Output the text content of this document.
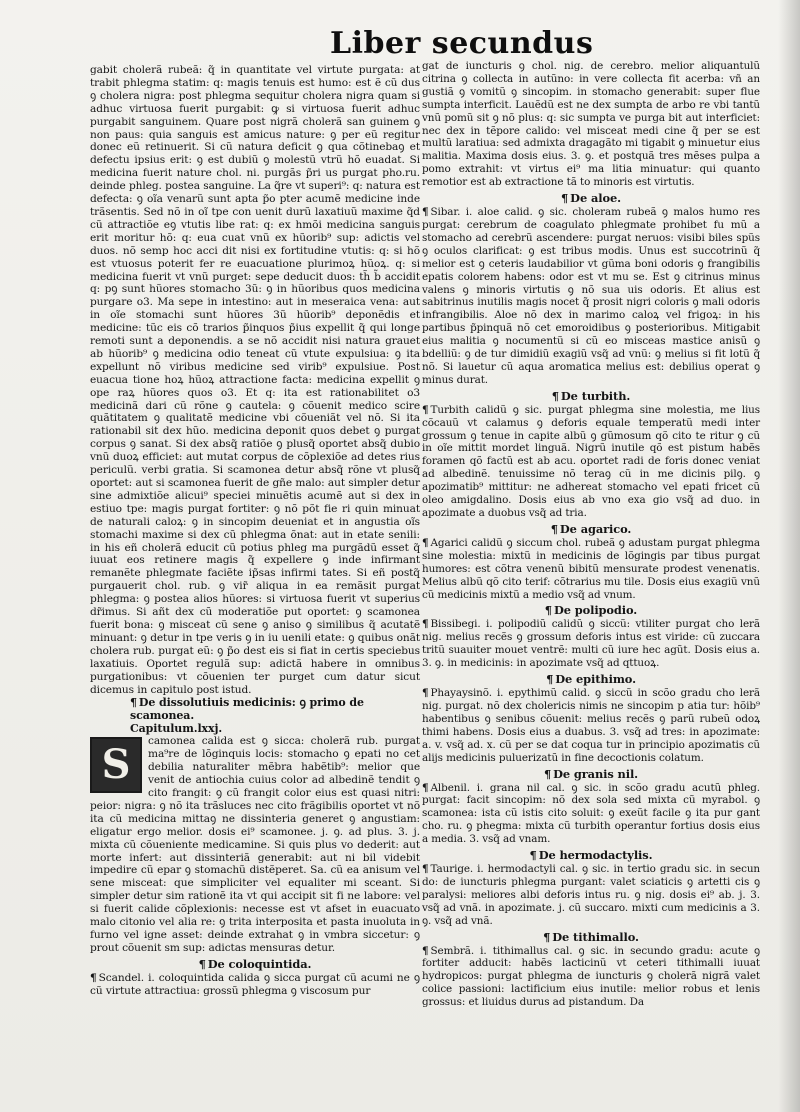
Liber secundus

gabit cholerã rubeã: q̃ in quantitate vel virtute purgata: at trabit phlegma statim: q: magis tenuis est humo: est ẽ cũ dus ꝯ cholera nigra: post phlegma sequitur cholera nigra quam si adhuc virtuosa fuerit purgabit: ꝙ si virtuosa fuerit adhuc purgabit sanguinem. Quare post nigrã cholerã san guinem ꝯ non paus: quia sanguis est amicus nature: ꝯ per eũ regitur donec eũ retinuerit. Si cũ natura deficit ꝯ qua cõtinebaꝯ et defectu ipsius erit: ꝯ est dubiũ ꝯ molestũ vtrũ hõ euadat. Si medicina fuerit nature chol. ni. purgãs p̃ri us purgat pho.ru. deinde phleg. postea sanguine. La q̃re vt superi⁹: q: natura est defecta: ꝯ oĩa venarũ sunt apta p̃o pter acumẽ medicine inde trãsentis. Sed nõ in oĩ tpe con uenit durũ laxatiuũ maxime q̃d cũ attractiõe eꝯ vtutis libe rat: q: ex hmõi medicina sanguis erit moritur hõ: q: eua cuat vnũ ex hũorib⁹ sup: adictis vel duos. nõ semp hoc acci dit nisi ex fortitudine vtutis: q: si hõ est vtuosus poterit fer re euacuatione plurimoꝝ hũoꝝ. q: si medicina fuerit vt vnũ purget: sepe deducit duos: th̃ b̃ accidit q: pꝯ sunt hũores stomacho 3ũ: ꝯ in hũoribus quos medicina purgare o3. Ma sepe in intestino: aut in meseraica vena: aut in oĩe stomachi sunt hũores 3ũ hũorib⁹ deponẽdis et medicine: tũc eis cõ trarios p̃inquos p̃ius expellit q̃ qui longe remoti sunt a deponendis. a se nõ accidit nisi natura grauet ab hũorib⁹ ꝯ medicina odio teneat cũ vtute expulsiua: ꝯ ita expellunt nõ viribus medicine sed virib⁹ expulsiue. Post euacua tione hoꝝ hũoꝝ attractione facta: medicina expellit ꝯ ope raꝝ hũores quos o3. Et q: ita est rationabilitet o3 medicinã dari cũ rõne ꝯ cautela: ꝯ cõuenit medico scire quãtitatem ꝯ qualitatẽ medicine vbi cõueniãt vel nõ. Si ita rationabil sit dex hũo. medicina deponit quos debet ꝯ purgat corpus ꝯ sanat. Si dex absq̃ ratiõe ꝯ plusq̃ oportet absq̃ dubio vnũ duoꝝ efficiet: aut mutat corpus de cõplexiõe ad detes rius periculũ. verbi gratia. Si scamonea detur absq̃ rõne vt plusq̃ oportet: aut si scamonea fuerit de gñe malo: aut simpler detur sine admixtiõe alicui⁹ speciei minuẽtis acumẽ aut si dex in estiuo tpe: magis purgat fortiter: ꝯ nõ põt fie ri quin minuat de naturali caloꝝ: ꝯ in sincopim deueniat et in angustia oĩs stomachi maxime si dex cũ phlegma õnat: aut in etate senili: in his eñ cholerã educit cũ potius phleg ma purgãdũ esset q̃ iuuat eos retinere magis q̃ expellere ꝯ inde infirmant remanẽte phlegmate faciẽte ip̃sas infirmi tates. Si eñ postq̃ purgauerit chol. rub. ꝯ vir̃ aliqua in ea remãsit purgat phlegma: ꝯ postea alios hũores: si virtuosa fuerit vt superius dr̃imus. Si añt dex cũ moderatiõe put oportet: ꝯ scamonea fuerit bona: ꝯ misceat cũ sene ꝯ aniso ꝯ similibus q̃ acutatẽ minuant: ꝯ detur in tpe veris ꝯ in iu uenili etate: ꝯ quibus onãt cholera rub. purgat eũ: ꝯ p̃o dest eis si fiat in certis speciebus laxatiuis. Oportet regulã sup: adictã habere in omnibus purgationibus: vt cõuenien ter purget cum datur sicut dicemus in capitulo post istud.

¶ De dissolutiuis medicinis: ꝯ primo de scamonea.

Capitulum.lxxj.

S	camonea calida est ꝯ sicca: cholerã rub. purgat ma⁹re de lõginquis locis: stomacho ꝯ epati no cet debilia naturaliter mẽbra habẽtib⁹: melior que venit de antiochia cuius color ad albedinẽ tendit ꝯ cito frangit: ꝯ cũ frangit color eius est quasi nitri: peior: nigra: ꝯ nõ ita trãsluces nec cito frãgibilis oportet vt nõ ita cũ medicina mittaꝯ ne dissinteria generet ꝯ angustiam: eligatur ergo melior. dosis ei⁹ scamonee. j. ꝯ. ad plus. 3. j. mixta cũ cõueniente medicamine. Si quis plus vo dederit: aut morte infert: aut dissinteriã generabit: aut ni bil videbit impedire cũ epar ꝯ stomachũ distẽperet. Sa. cũ ea anisum vel sene misceat: que simpliciter vel equaliter mi sceant. Si simpler detur sim rationẽ ita vt qui accipit sit fi ne labore: vel si fuerit calide cõplexionis: necesse est vt afset in euacuato malo citonio vel alia re: ꝯ trita interposita et pasta inuoluta in furno vel igne asset: deinde extrahat ꝯ in vmbra siccetur: ꝯ prout cõuenit sm sup: adictas mensuras detur.

¶ De coloquintida.

¶ Scandel. i. coloquintida calida ꝯ sicca purgat cũ acumi ne ꝯ cũ virtute attractiua: grossũ phlegma ꝯ viscosum pur

gat de iuncturis ꝯ chol. nig. de cerebro. melior aliquantulũ citrina ꝯ collecta in autũno: in vere collecta fit acerba: vñ an gustiã ꝯ vomitũ ꝯ sincopim. in stomacho generabit: super flue sumpta interficit. Lauẽdũ est ne dex sumpta de arbo re vbi tantũ vnũ pomũ sit ꝯ nõ plus: q: sic sumpta ve purga bit aut interficiet: nec dex in tẽpore calido: vel misceat medi cine q̃ per se est multũ laratiua: sed admixta dragagãto mi tigabit ꝯ minuetur eius malitia. Maxima dosis eius. 3. ꝯ. et postquã tres mẽses pulpa a pomo extrahit: vt virtus ei⁹ ma litia minuatur: qui quanto remotior est ab extractione tã to minoris est virtutis.

¶ De aloe.

¶ Sibar. i. aloe calid. ꝯ sic. choleram rubeã ꝯ malos humo res purgat: cerebrum de coagulato phlegmate prohibet fu mũ a stomacho ad cerebrũ ascendere: purgat neruos: visibi biles spũs ꝯ oculos clarificat: ꝯ est tribus modis. Unus est succotrinũ q̃ melior est ꝯ ceteris laudabilior vt gũma boni odoris ꝯ frangibilis epatis colorem habens: odor est vt mu se. Est ꝯ citrinus minus valens ꝯ minoris virtutis ꝯ nõ sua uis odoris. Et alius est sabitrinus inutilis magis nocet q̃ prosit nigri coloris ꝯ mali odoris infrangibilis. Aloe nõ dex in marimo caloꝝ vel frigoꝝ: in his partibus p̃pinquã nõ cet emoroidibus ꝯ posterioribus. Mitigabit eius malitia ꝯ nocumentũ si cũ eo misceas mastice anisũ ꝯ bdelliũ: ꝯ de tur dimidiũ exagiũ vsq̃ ad vnũ: ꝯ melius si fit lotũ q̃ nõ. Si lauetur cũ aqua aromatica melius est: debilius operat ꝯ minus durat.

¶ De turbith.

¶ Turbith calidũ ꝯ sic. purgat phlegma sine molestia, me lius cõcauũ vt calamus ꝯ deforis equale temperatũ medi inter grossum ꝯ tenue in capite albũ ꝯ gũmosum qõ cito te ritur ꝯ cũ in oĩe mittit mordet linguã. Nigrũ inutile qõ est pistum habẽs foramen qõ factũ est ab acu. oportet radi de foris donec veniat ad albedinẽ. tenuissime nõ teraꝯ cũ in me dicinis pilꝯ. ꝯ apozimatib⁹ mittitur: ne adhereat stomacho vel epati fricet cũ oleo amigdalino. Dosis eius ab vno exa gio vsq̃ ad duo. in apozimate a duobus vsq̃ ad tria.

¶ De agarico.

¶ Agarici calidũ ꝯ siccum chol. rubeã ꝯ adustam purgat phlegma sine molestia: mixtũ in medicinis de lõgingis par tibus purgat humores: est cõtra venenũ bibitũ mensurate prodest venenatis. Melius albũ qõ cito terif: cõtrarius mu tile. Dosis eius exagiũ vnũ cũ medicinis mixtũ a medio vsq̃ ad vnum.

¶ De polipodio.

¶ Bissibegi. i. polipodiũ calidũ ꝯ siccũ: vtiliter purgat cho lerã nig. melius recẽs ꝯ grossum deforis intus est viride: cũ zuccara tritũ suauiter mouet ventrẽ: multi cũ iure hec agũt. Dosis eius a. 3. ꝯ. in medicinis: in apozimate vsq̃ ad qttuoꝝ.

¶ De epithimo.

¶ Phayaysinõ. i. epythimũ calid. ꝯ siccũ in scõo gradu cho lerã nig. purgat. nõ dex cholericis nimis ne sincopim p atia tur: hõib⁹ habentibus ꝯ senibus cõuenit: melius recẽs ꝯ parũ rubeũ odoꝝ thimi habens. Dosis eius a duabus. 3. vsq̃ ad tres: in apozimate: a. v. vsq̃ ad. x. cũ per se dat coqua tur in principio apozimatis cũ alijs medicinis puluerizatũ in fine decoctionis colatum.

¶ De granis nil.

¶ Albenil. i. grana nil cal. ꝯ sic. in scõo gradu acutũ phleg. purgat: facit sincopim: nõ dex sola sed mixta cũ myrabol. ꝯ scamonea: ista cũ istis cito soluit: ꝯ exeũt facile ꝯ ita pur gant cho. ru. ꝯ phegma: mixta cũ turbith operantur fortius dosis eius a media. 3. vsq̃ ad vnam.

¶ De hermodactylis.

¶ Taurige. i. hermodactyli cal. ꝯ sic. in tertio gradu sic. in secun do: de iuncturis phlegma purgant: valet sciaticis ꝯ artetti cis ꝯ paralysi: meliores albi deforis intus ru. ꝯ nig. dosis ei⁹ ab. j. 3. vsq̃ ad vnã. in apozimate. j. cũ succaro. mixti cum medicinis a 3. ꝯ. vsq̃ ad vnã.

¶ De tithimallo.

¶ Sembrã. i. tithimallus cal. ꝯ sic. in secundo gradu: acute ꝯ fortiter adducit: habẽs lacticinũ vt ceteri tithimalli iuuat hydropicos: purgat phlegma de iuncturis ꝯ cholerã nigrã valet colice passioni: lactificium eius inutile: melior robus et lenis grossus: et liuidus durus ad pistandum. Da
